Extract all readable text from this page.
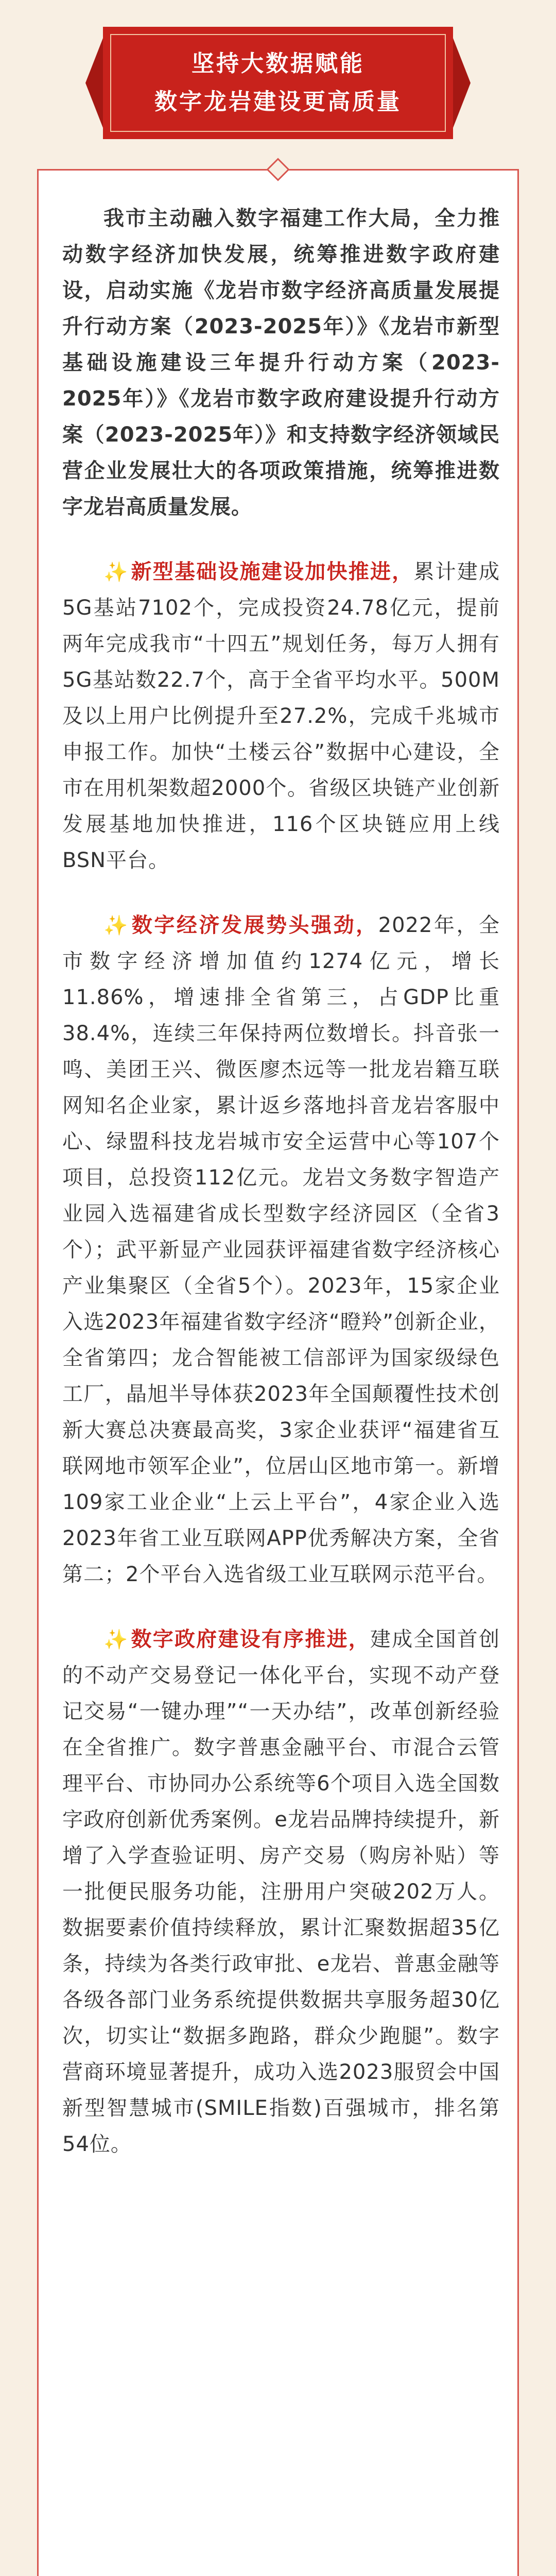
坚持大数据赋能
数字龙岩建设更高质量

我市主动融入数字福建工作大局，全力推动数字经济加快发展，统筹推进数字政府建设，启动实施《龙岩市数字经济高质量发展提升行动方案（2023-2025年）》《龙岩市新型基础设施建设三年提升行动方案（2023-2025年）》《龙岩市数字政府建设提升行动方案（2023-2025年）》和支持数字经济领域民营企业发展壮大的各项政策措施，统筹推进数字龙岩高质量发展。

✨ 新型基础设施建设加快推进，累计建成5G基站7102个，完成投资24.78亿元，提前两年完成我市“十四五”规划任务，每万人拥有5G基站数22.7个，高于全省平均水平。500M及以上用户比例提升至27.2%，完成千兆城市申报工作。加快“土楼云谷”数据中心建设，全市在用机架数超2000个。省级区块链产业创新发展基地加快推进，116个区块链应用上线BSN平台。

✨ 数字经济发展势头强劲，2022年，全市数字经济增加值约1274亿元，增长11.86%，增速排全省第三，占GDP比重38.4%，连续三年保持两位数增长。抖音张一鸣、美团王兴、微医廖杰远等一批龙岩籍互联网知名企业家，累计返乡落地抖音龙岩客服中心、绿盟科技龙岩城市安全运营中心等107个项目，总投资112亿元。龙岩文务数字智造产业园入选福建省成长型数字经济园区（全省3个）；武平新显产业园获评福建省数字经济核心产业集聚区（全省5个）。2023年，15家企业入选2023年福建省数字经济“瞪羚”创新企业，全省第四；龙合智能被工信部评为国家级绿色工厂，晶旭半导体获2023年全国颠覆性技术创新大赛总决赛最高奖，3家企业获评“福建省互联网地市领军企业”，位居山区地市第一。新增109家工业企业“上云上平台”，4家企业入选2023年省工业互联网APP优秀解决方案，全省第二；2个平台入选省级工业互联网示范平台。

✨ 数字政府建设有序推进，建成全国首创的不动产交易登记一体化平台，实现不动产登记交易“一键办理”“一天办结”，改革创新经验在全省推广。数字普惠金融平台、市混合云管理平台、市协同办公系统等6个项目入选全国数字政府创新优秀案例。e龙岩品牌持续提升，新增了入学查验证明、房产交易（购房补贴）等一批便民服务功能，注册用户突破202万人。数据要素价值持续释放，累计汇聚数据超35亿条，持续为各类行政审批、e龙岩、普惠金融等各级各部门业务系统提供数据共享服务超30亿次，切实让“数据多跑路，群众少跑腿”。数字营商环境显著提升，成功入选2023服贸会中国新型智慧城市(SMILE指数)百强城市，排名第54位。
